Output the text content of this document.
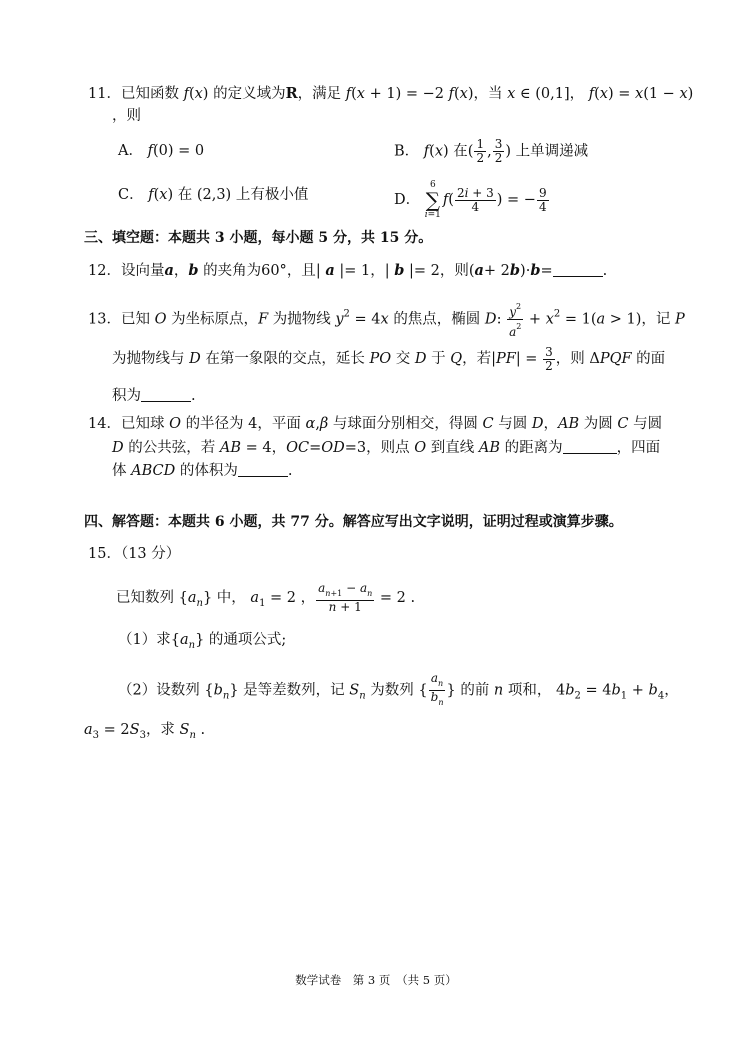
11．已知函数 f(x) 的定义域为R，满足 f(x + 1) = −2 f(x)，当 x ∈ (0,1]， f(x) = x(1 − x)
，则
A． f(0) = 0	B． f(x) 在( $\frac{1}{2}$ , $\frac{3}{2}$ ) 上单调递减
C． f(x) 在 (2,3) 上有极小值	D． 6
∑
$i=1f( \frac{2i + 3}{4}$ ) = − $\frac{9}{4}$
三、填空题：本题共 3 小题，每小题 5 分，共 15 分。
12．设向量a，b 的夹角为60°，且| a |= 1，| b |= 2，则(a+ 2b)·b=	.
13．已知 O 为坐标原点，F 为抛物线 $y^2 = 4x$ 的焦点，椭圆 D: $\frac{y^2}{a^2} + x^2 = 1(a > 1)$，记 P
为抛物线与 D 在第一象限的交点，延长 PO 交 D 于 Q，若$|PF| = \frac{3}{2}$ ，则 ΔPQF 的面
积为	.
14．已知球 O 的半径为 4，平面 α,β 与球面分别相交，得圆 C 与圆 D，AB 为圆 C 与圆
D 的公共弦，若 AB = 4，OC=OD=3，则点 O 到直线 AB 的距离为	，四面
体 ABCD 的体积为	.
四、解答题：本题共 6 小题，共 77 分。解答应写出文字说明，证明过程或演算步骤。
15．（13 分）
已知数列 $\{a_n\}$ 中， $a_1 = 2$ ， $\frac{a_{n+1} - a_n}{n + 1} = 2$ .
（1）求$\{a_n\}$ 的通项公式;
（2）设数列 $\{b_n\}$ 是等差数列，记 $S_n$ 为数列 { $\frac{a_n}{b_n}$ } 的前 n 项和， $4b_2 = 4b_1 + b_4$，
$a_3 = 2S_3$，求 $S_n$ .
数学试卷　第 3 页　（共 5 页）
